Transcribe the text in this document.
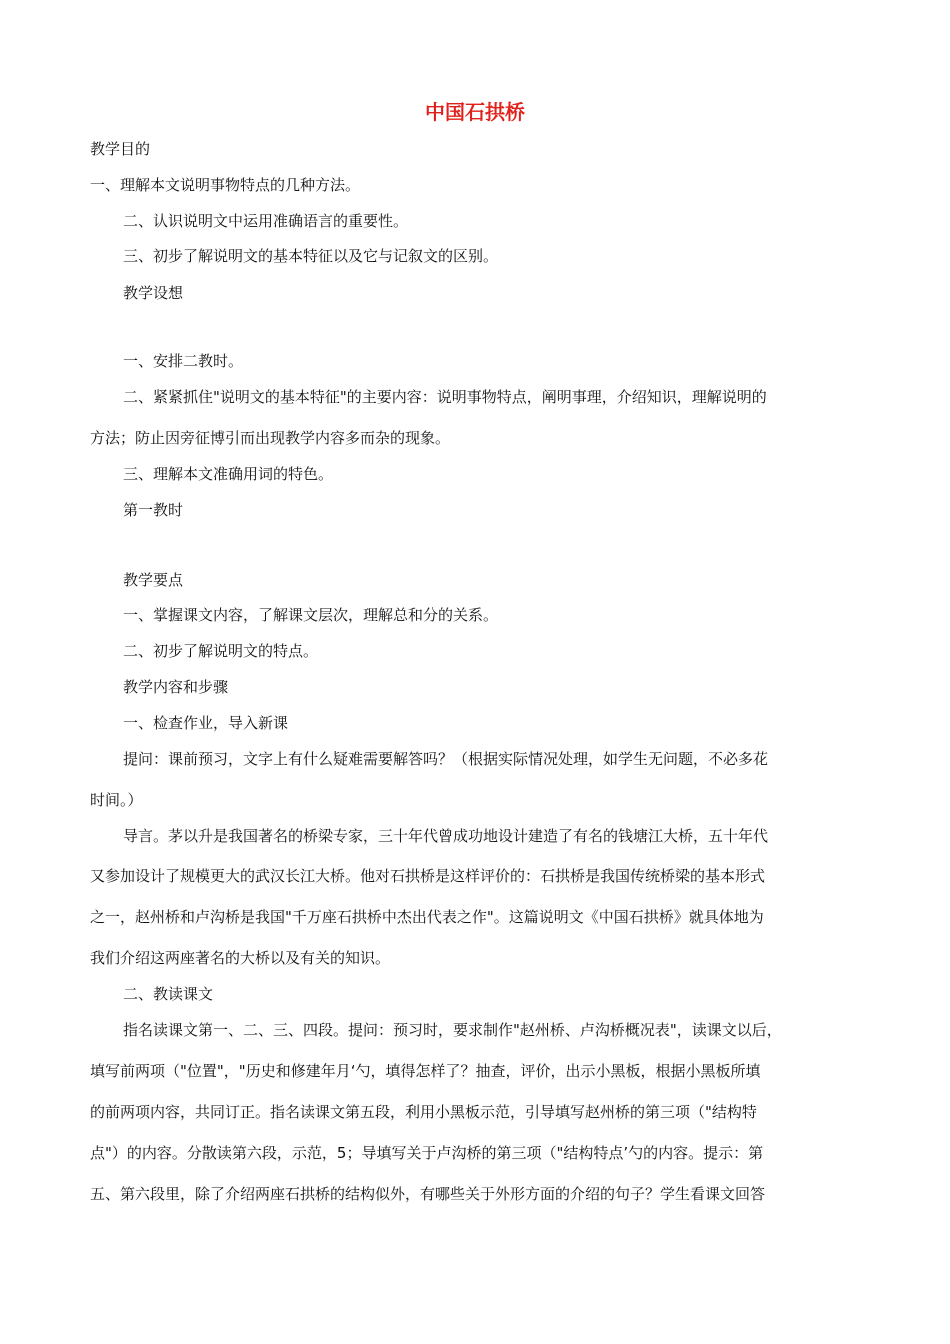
中国石拱桥
教学目的
一、理解本文说明事物特点的几种方法。
二、认识说明文中运用准确语言的重要性。
三、初步了解说明文的基本特征以及它与记叙文的区别。
教学设想
一、安排二教时。
二、紧紧抓住"说明文的基本特征"的主要内容：说明事物特点，阐明事理，介绍知识，理解说明的
方法；防止因旁征博引而出现教学内容多而杂的现象。
三、理解本文准确用词的特色。
第一教时
教学要点
一、掌握课文内容，了解课文层次，理解总和分的关系。
二、初步了解说明文的特点。
教学内容和步骤
一、检查作业，导入新课
提问：课前预习，文字上有什么疑难需要解答吗？（根据实际情况处理，如学生无问题，不必多花
时间。）
导言。茅以升是我国著名的桥梁专家，三十年代曾成功地设计建造了有名的钱塘江大桥，五十年代
又参加设计了规模更大的武汉长江大桥。他对石拱桥是这样评价的：石拱桥是我国传统桥梁的基本形式
之一，赵州桥和卢沟桥是我国"千万座石拱桥中杰出代表之作"。这篇说明文《中国石拱桥》就具体地为
我们介绍这两座著名的大桥以及有关的知识。
二、教读课文
指名读课文第一、二、三、四段。提问：预习时，要求制作"赵州桥、卢沟桥概况表"，读课文以后，
填写前两项（"位置"，"历史和修建年月‘勺，填得怎样了？抽查，评价，出示小黑板，根据小黑板所填
的前两项内容，共同订正。指名读课文第五段，利用小黑板示范，引导填写赵州桥的第三项（"结构特
点"）的内容。分散读第六段，示范，5；导填写关于卢沟桥的第三项（"结构特点’勺的内容。提示：第
五、第六段里，除了介绍两座石拱桥的结构似外，有哪些关于外形方面的介绍的句子？学生看课文回答
